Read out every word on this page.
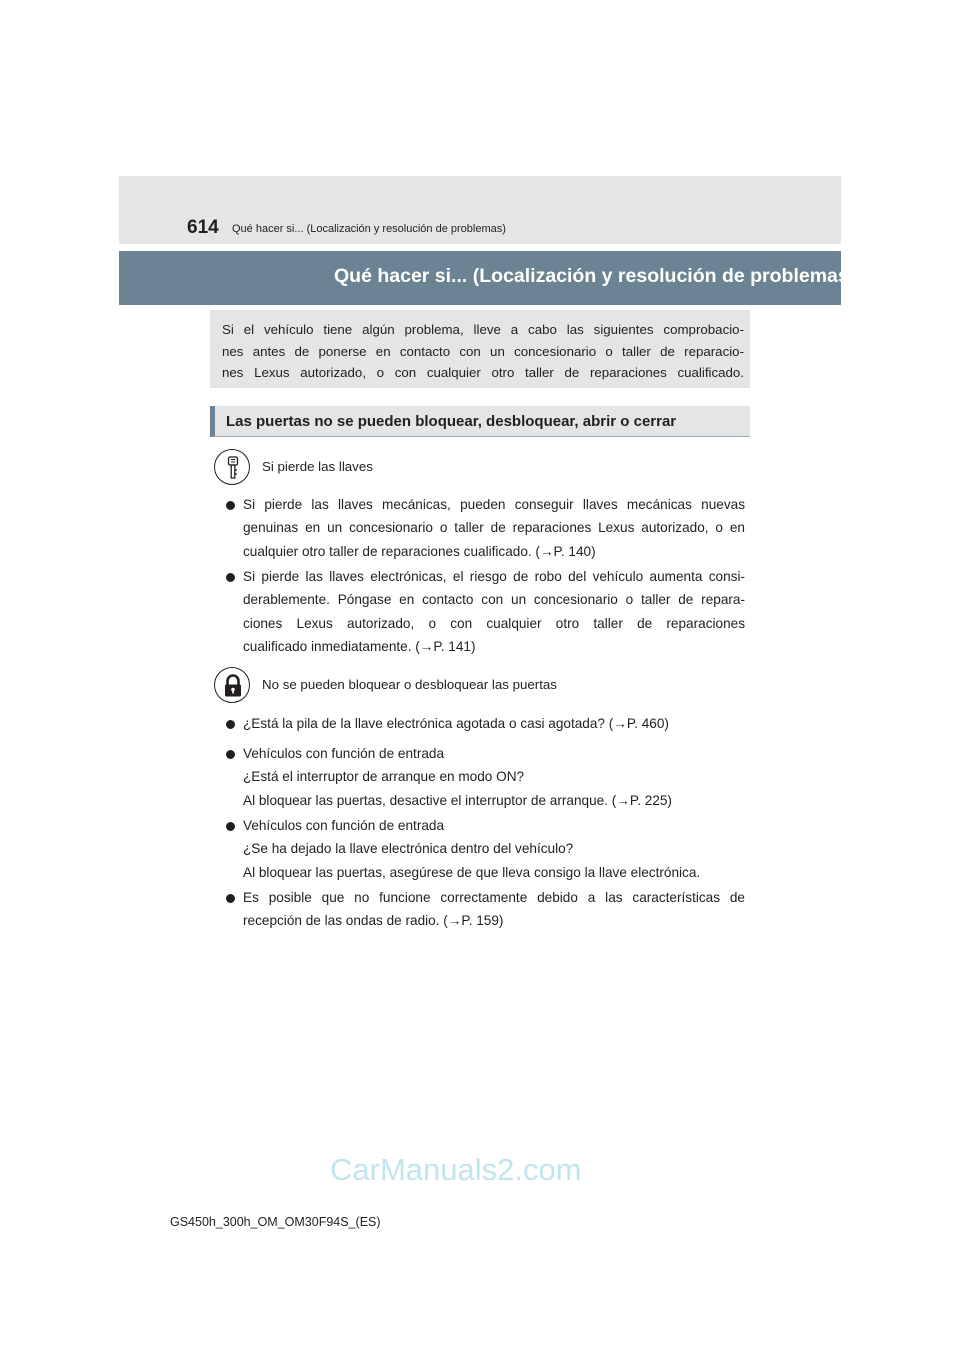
614 Qué hacer si... (Localización y resolución de problemas)
Qué hacer si... (Localización y resolución de problemas)
Si el vehículo tiene algún problema, lleve a cabo las siguientes comprobacio-
nes antes de ponerse en contacto con un concesionario o taller de reparacio-
nes Lexus autorizado, o con cualquier otro taller de reparaciones cualificado.
Las puertas no se pueden bloquear, desbloquear, abrir o cerrar
Si pierde las llaves
Si pierde las llaves mecánicas, pueden conseguir llaves mecánicas nuevas
genuinas en un concesionario o taller de reparaciones Lexus autorizado, o en
cualquier otro taller de reparaciones cualificado. (→P. 140)
Si pierde las llaves electrónicas, el riesgo de robo del vehículo aumenta consi-
derablemente. Póngase en contacto con un concesionario o taller de repara-
ciones Lexus autorizado, o con cualquier otro taller de reparaciones
cualificado inmediatamente. (→P. 141)
No se pueden bloquear o desbloquear las puertas
¿Está la pila de la llave electrónica agotada o casi agotada? (→P. 460)
Vehículos con función de entrada
¿Está el interruptor de arranque en modo ON?
Al bloquear las puertas, desactive el interruptor de arranque. (→P. 225)
Vehículos con función de entrada
¿Se ha dejado la llave electrónica dentro del vehículo?
Al bloquear las puertas, asegúrese de que lleva consigo la llave electrónica.
Es posible que no funcione correctamente debido a las características de
recepción de las ondas de radio. (→P. 159)
CarManuals2.com
GS450h_300h_OM_OM30F94S_(ES)
